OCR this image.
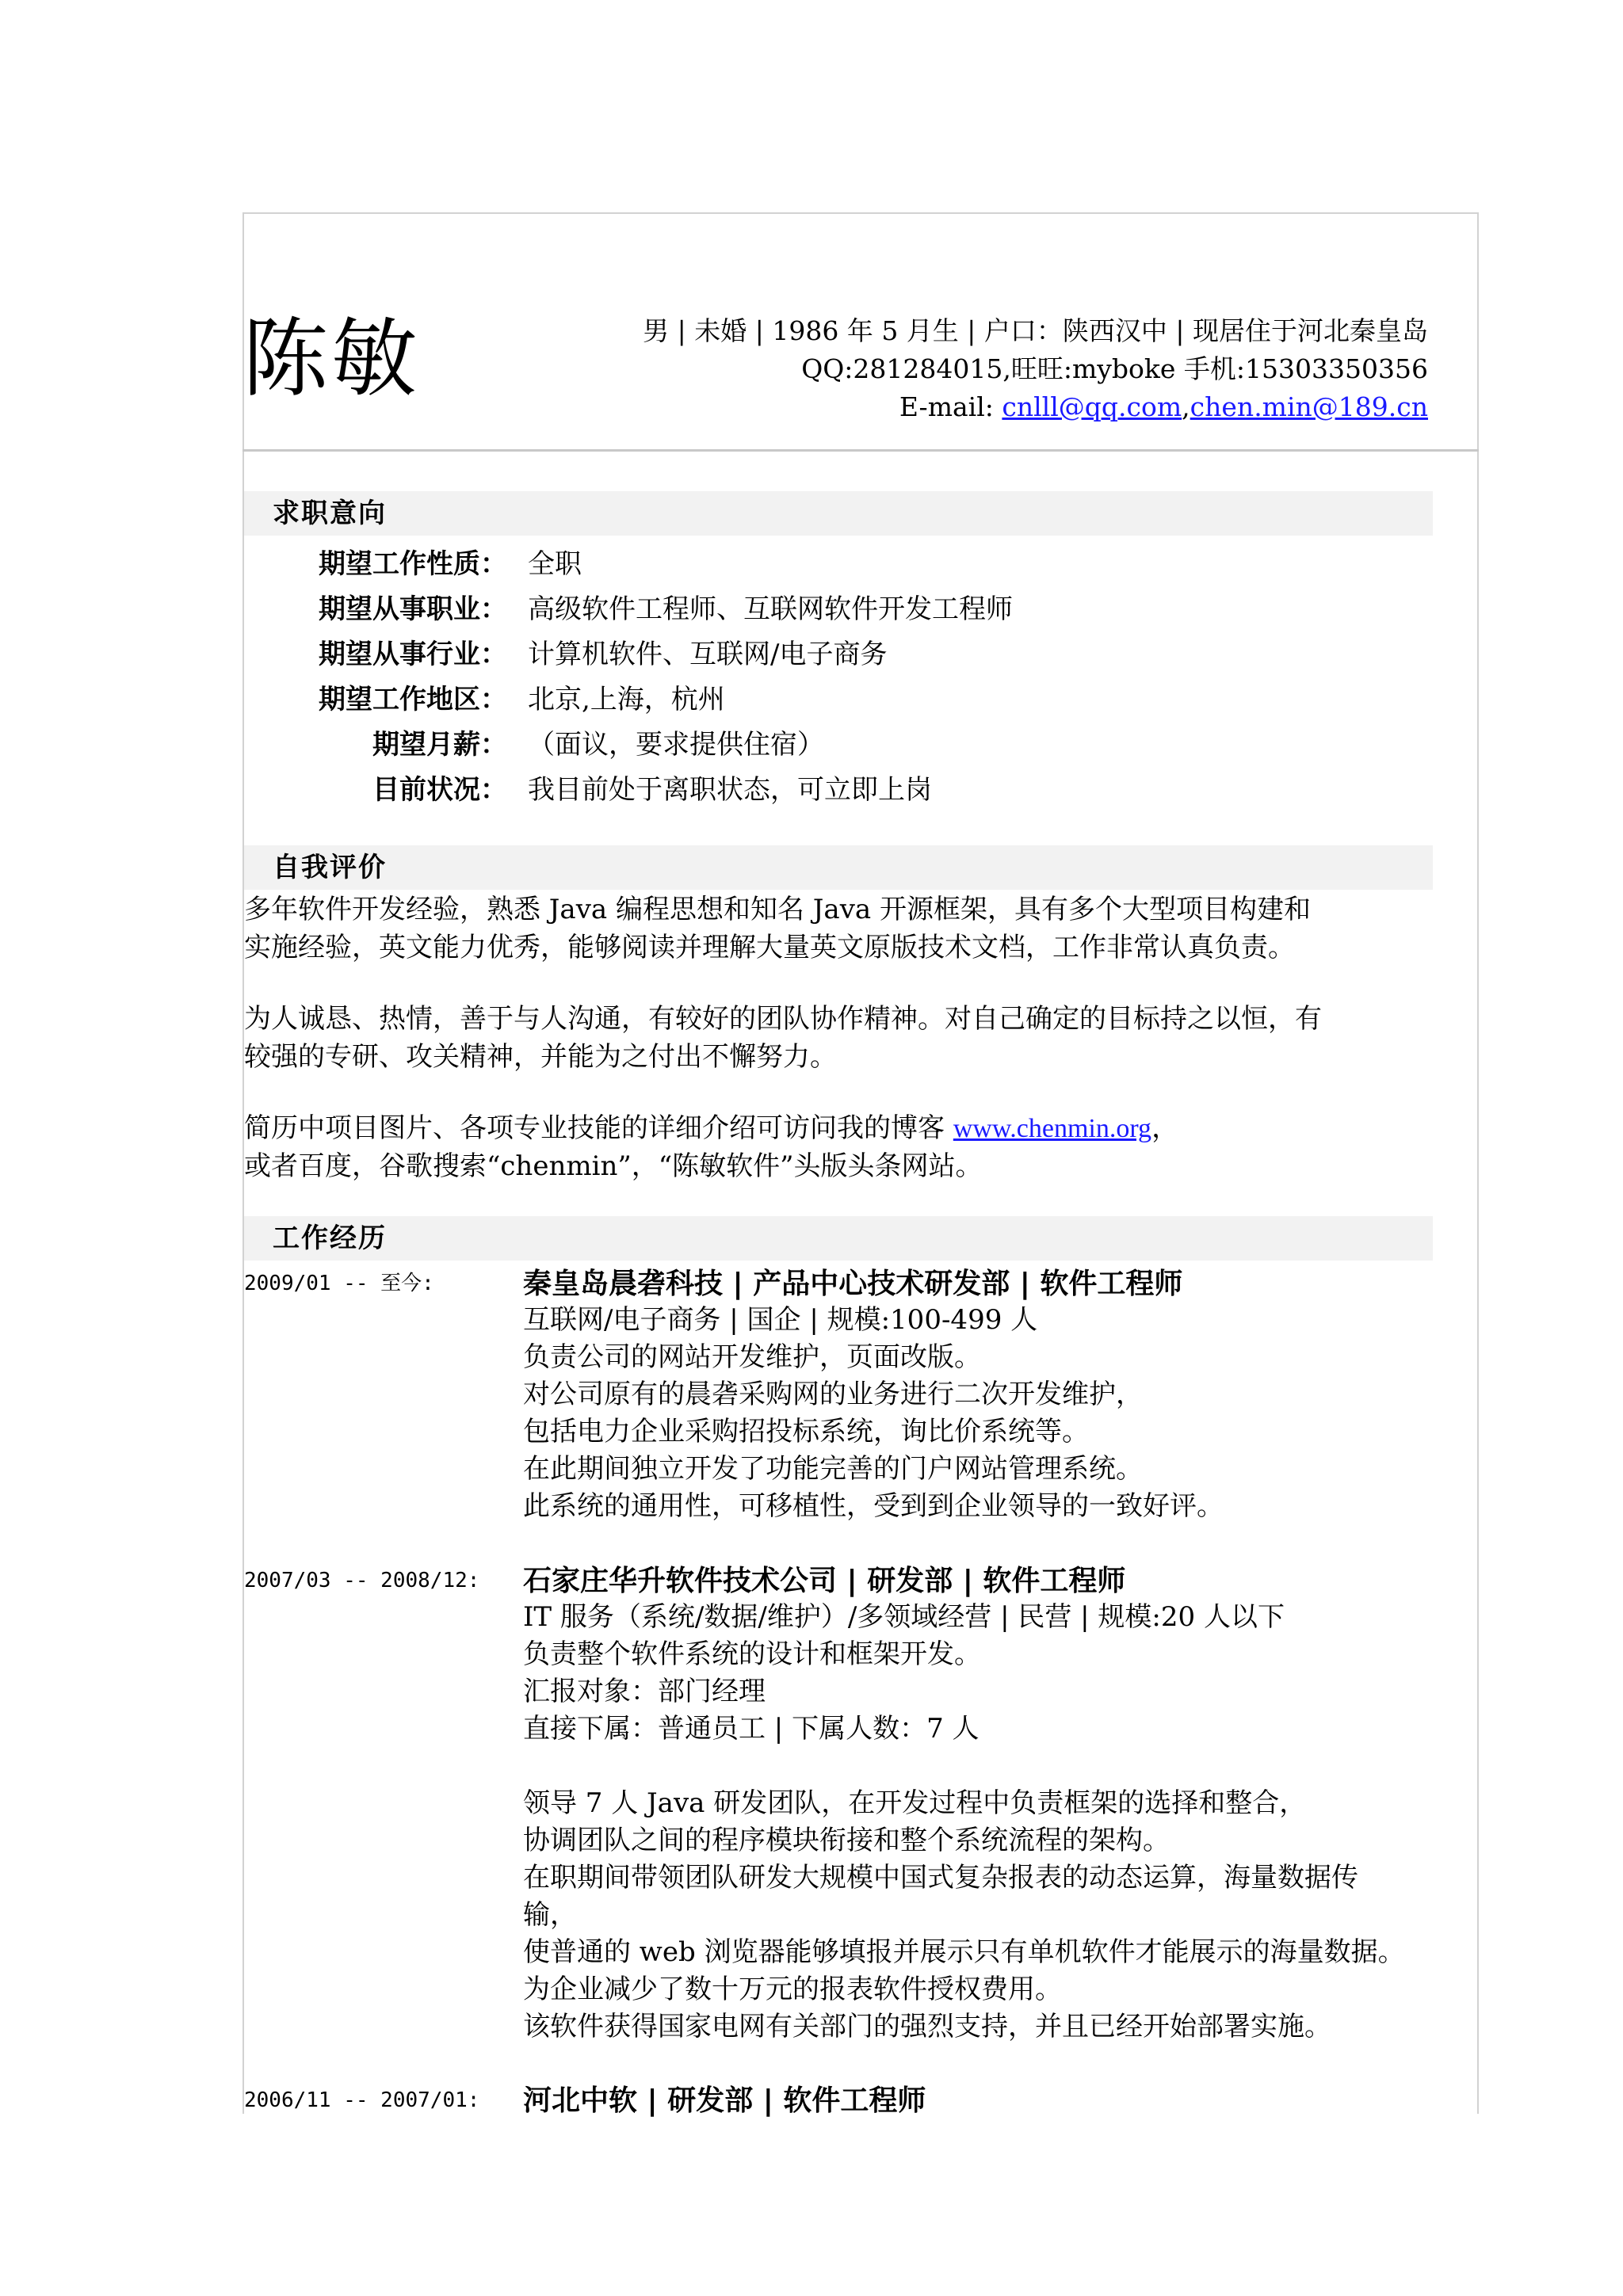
陈敏	男 | 未婚 | 1986 年 5 月生 | 户口：陕西汉中 | 现居住于河北秦皇岛
QQ:281284015,旺旺:myboke 手机:15303350356
E-mail: cnlll@qq.com,chen.min@189.cn
求职意向
期望工作性质： 全职
期望从事职业： 高级软件工程师、互联网软件开发工程师
期望从事行业： 计算机软件、互联网/电子商务
期望工作地区： 北京,上海，杭州
期望月薪： （面议，要求提供住宿）
目前状况： 我目前处于离职状态，可立即上岗
自我评价
多年软件开发经验，熟悉 Java 编程思想和知名 Java 开源框架，具有多个大型项目构建和
实施经验，英文能力优秀，能够阅读并理解大量英文原版技术文档，工作非常认真负责。
为人诚恳、热情，善于与人沟通，有较好的团队协作精神。对自己确定的目标持之以恒，有
较强的专研、攻关精神，并能为之付出不懈努力。
简历中项目图片、各项专业技能的详细介绍可访问我的博客 www.chenmin.org，
或者百度，谷歌搜索“chenmin”，“陈敏软件”头版头条网站。
工作经历
2009/01 -- 至今:	秦皇岛晨砻科技 | 产品中心技术研发部 | 软件工程师
互联网/电子商务 | 国企 | 规模:100-499 人
负责公司的网站开发维护，页面改版。
对公司原有的晨砻采购网的业务进行二次开发维护，
包括电力企业采购招投标系统，询比价系统等。
在此期间独立开发了功能完善的门户网站管理系统。
此系统的通用性，可移植性，受到到企业领导的一致好评。
2007/03 -- 2008/12: 石家庄华升软件技术公司 | 研发部 | 软件工程师
IT 服务（系统/数据/维护）/多领域经营 | 民营 | 规模:20 人以下
负责整个软件系统的设计和框架开发。
汇报对象：部门经理
直接下属：普通员工 | 下属人数：7 人
领导 7 人 Java 研发团队，在开发过程中负责框架的选择和整合，
协调团队之间的程序模块衔接和整个系统流程的架构。
在职期间带领团队研发大规模中国式复杂报表的动态运算，海量数据传
输，
使普通的 web 浏览器能够填报并展示只有单机软件才能展示的海量数据。
为企业减少了数十万元的报表软件授权费用。
该软件获得国家电网有关部门的强烈支持，并且已经开始部署实施。
2006/11 -- 2007/01: 河北中软 | 研发部 | 软件工程师
